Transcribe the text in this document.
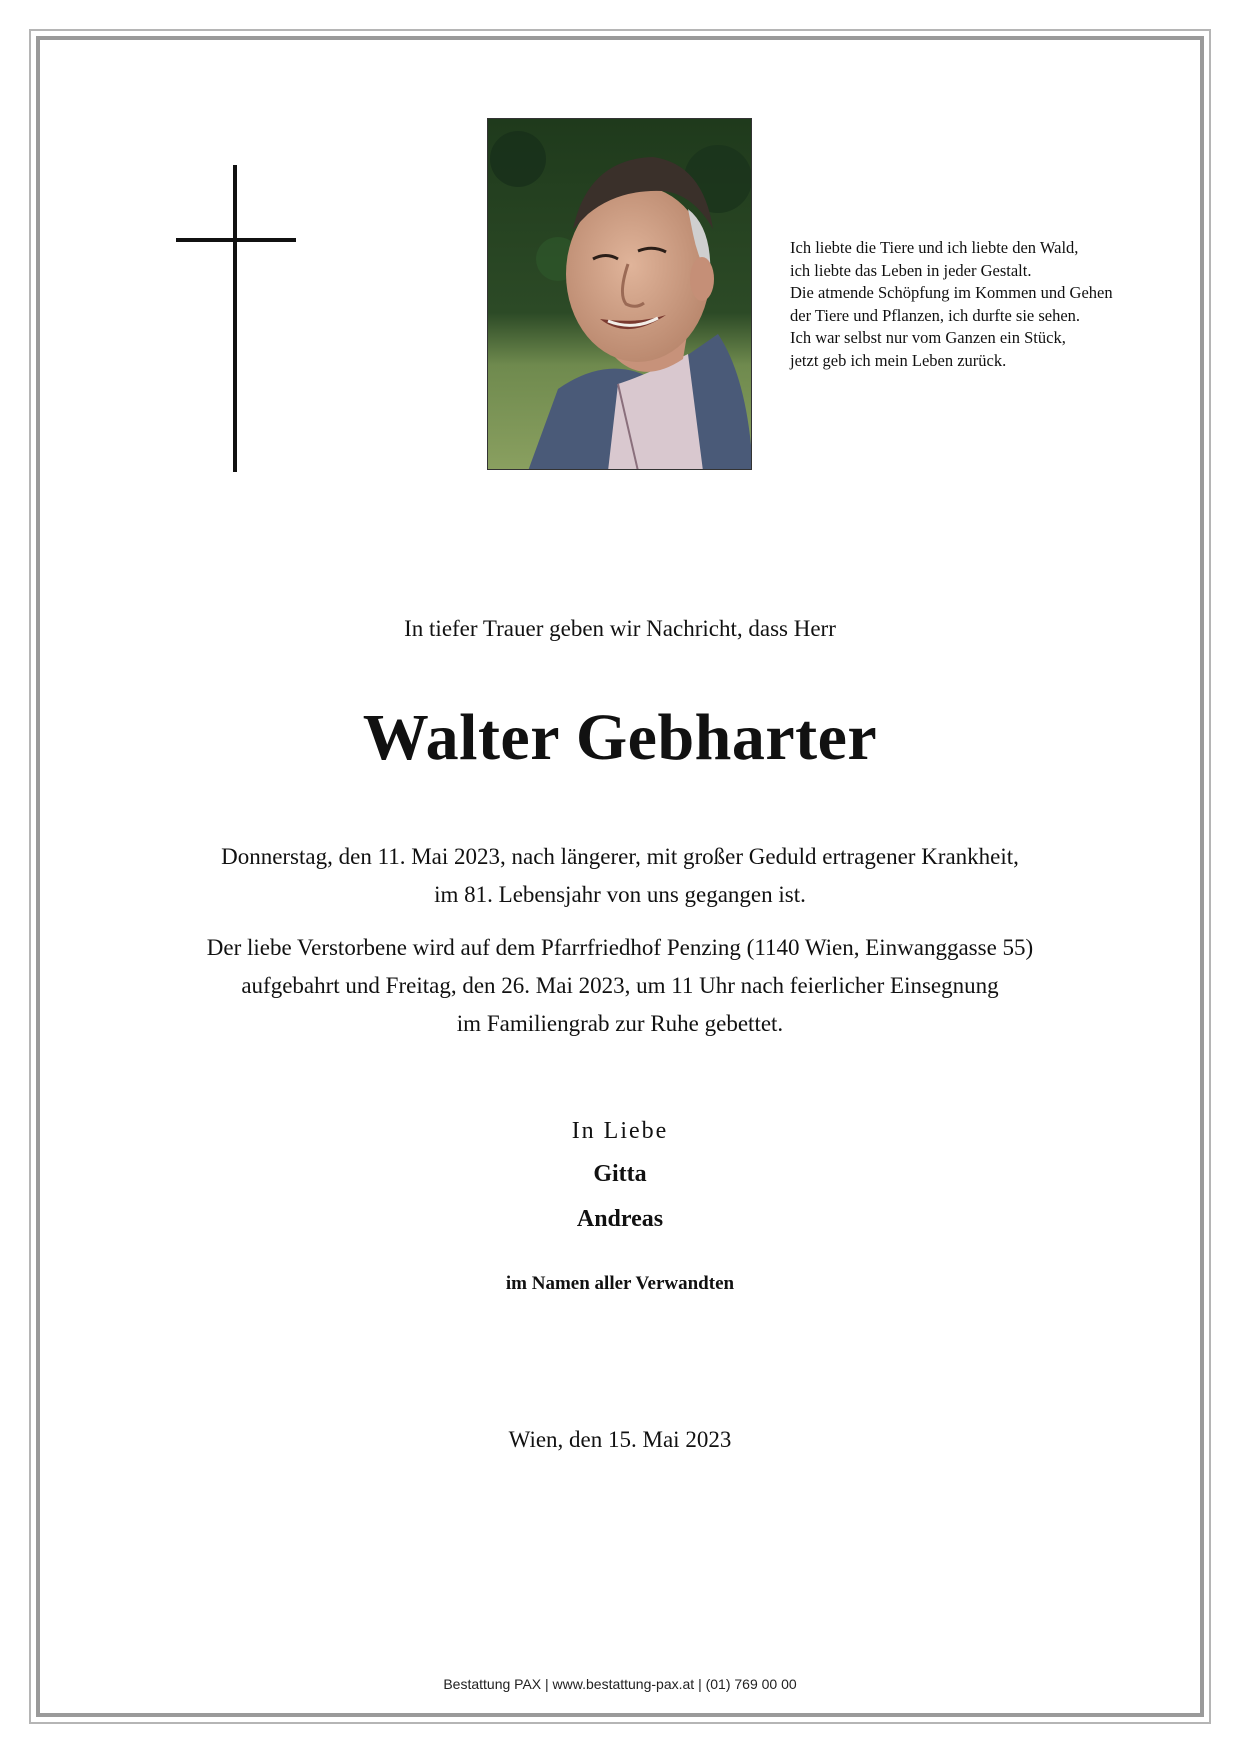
Ich liebte die Tiere und ich liebte den Wald,
ich liebte das Leben in jeder Gestalt.
Die atmende Schöpfung im Kommen und Gehen
der Tiere und Pflanzen, ich durfte sie sehen.
Ich war selbst nur vom Ganzen ein Stück,
jetzt geb ich mein Leben zurück.
In tiefer Trauer geben wir Nachricht, dass Herr
Walter Gebharter
Donnerstag, den 11. Mai 2023, nach längerer, mit großer Geduld ertragener Krankheit,
im 81. Lebensjahr von uns gegangen ist.
Der liebe Verstorbene wird auf dem Pfarrfriedhof Penzing (1140 Wien, Einwanggasse 55)
aufgebahrt und Freitag, den 26. Mai 2023, um 11 Uhr nach feierlicher Einsegnung
im Familiengrab zur Ruhe gebettet.
In Liebe
Gitta
Andreas
im Namen aller Verwandten
Wien, den 15. Mai 2023
Bestattung PAX | www.bestattung-pax.at | (01) 769 00 00
